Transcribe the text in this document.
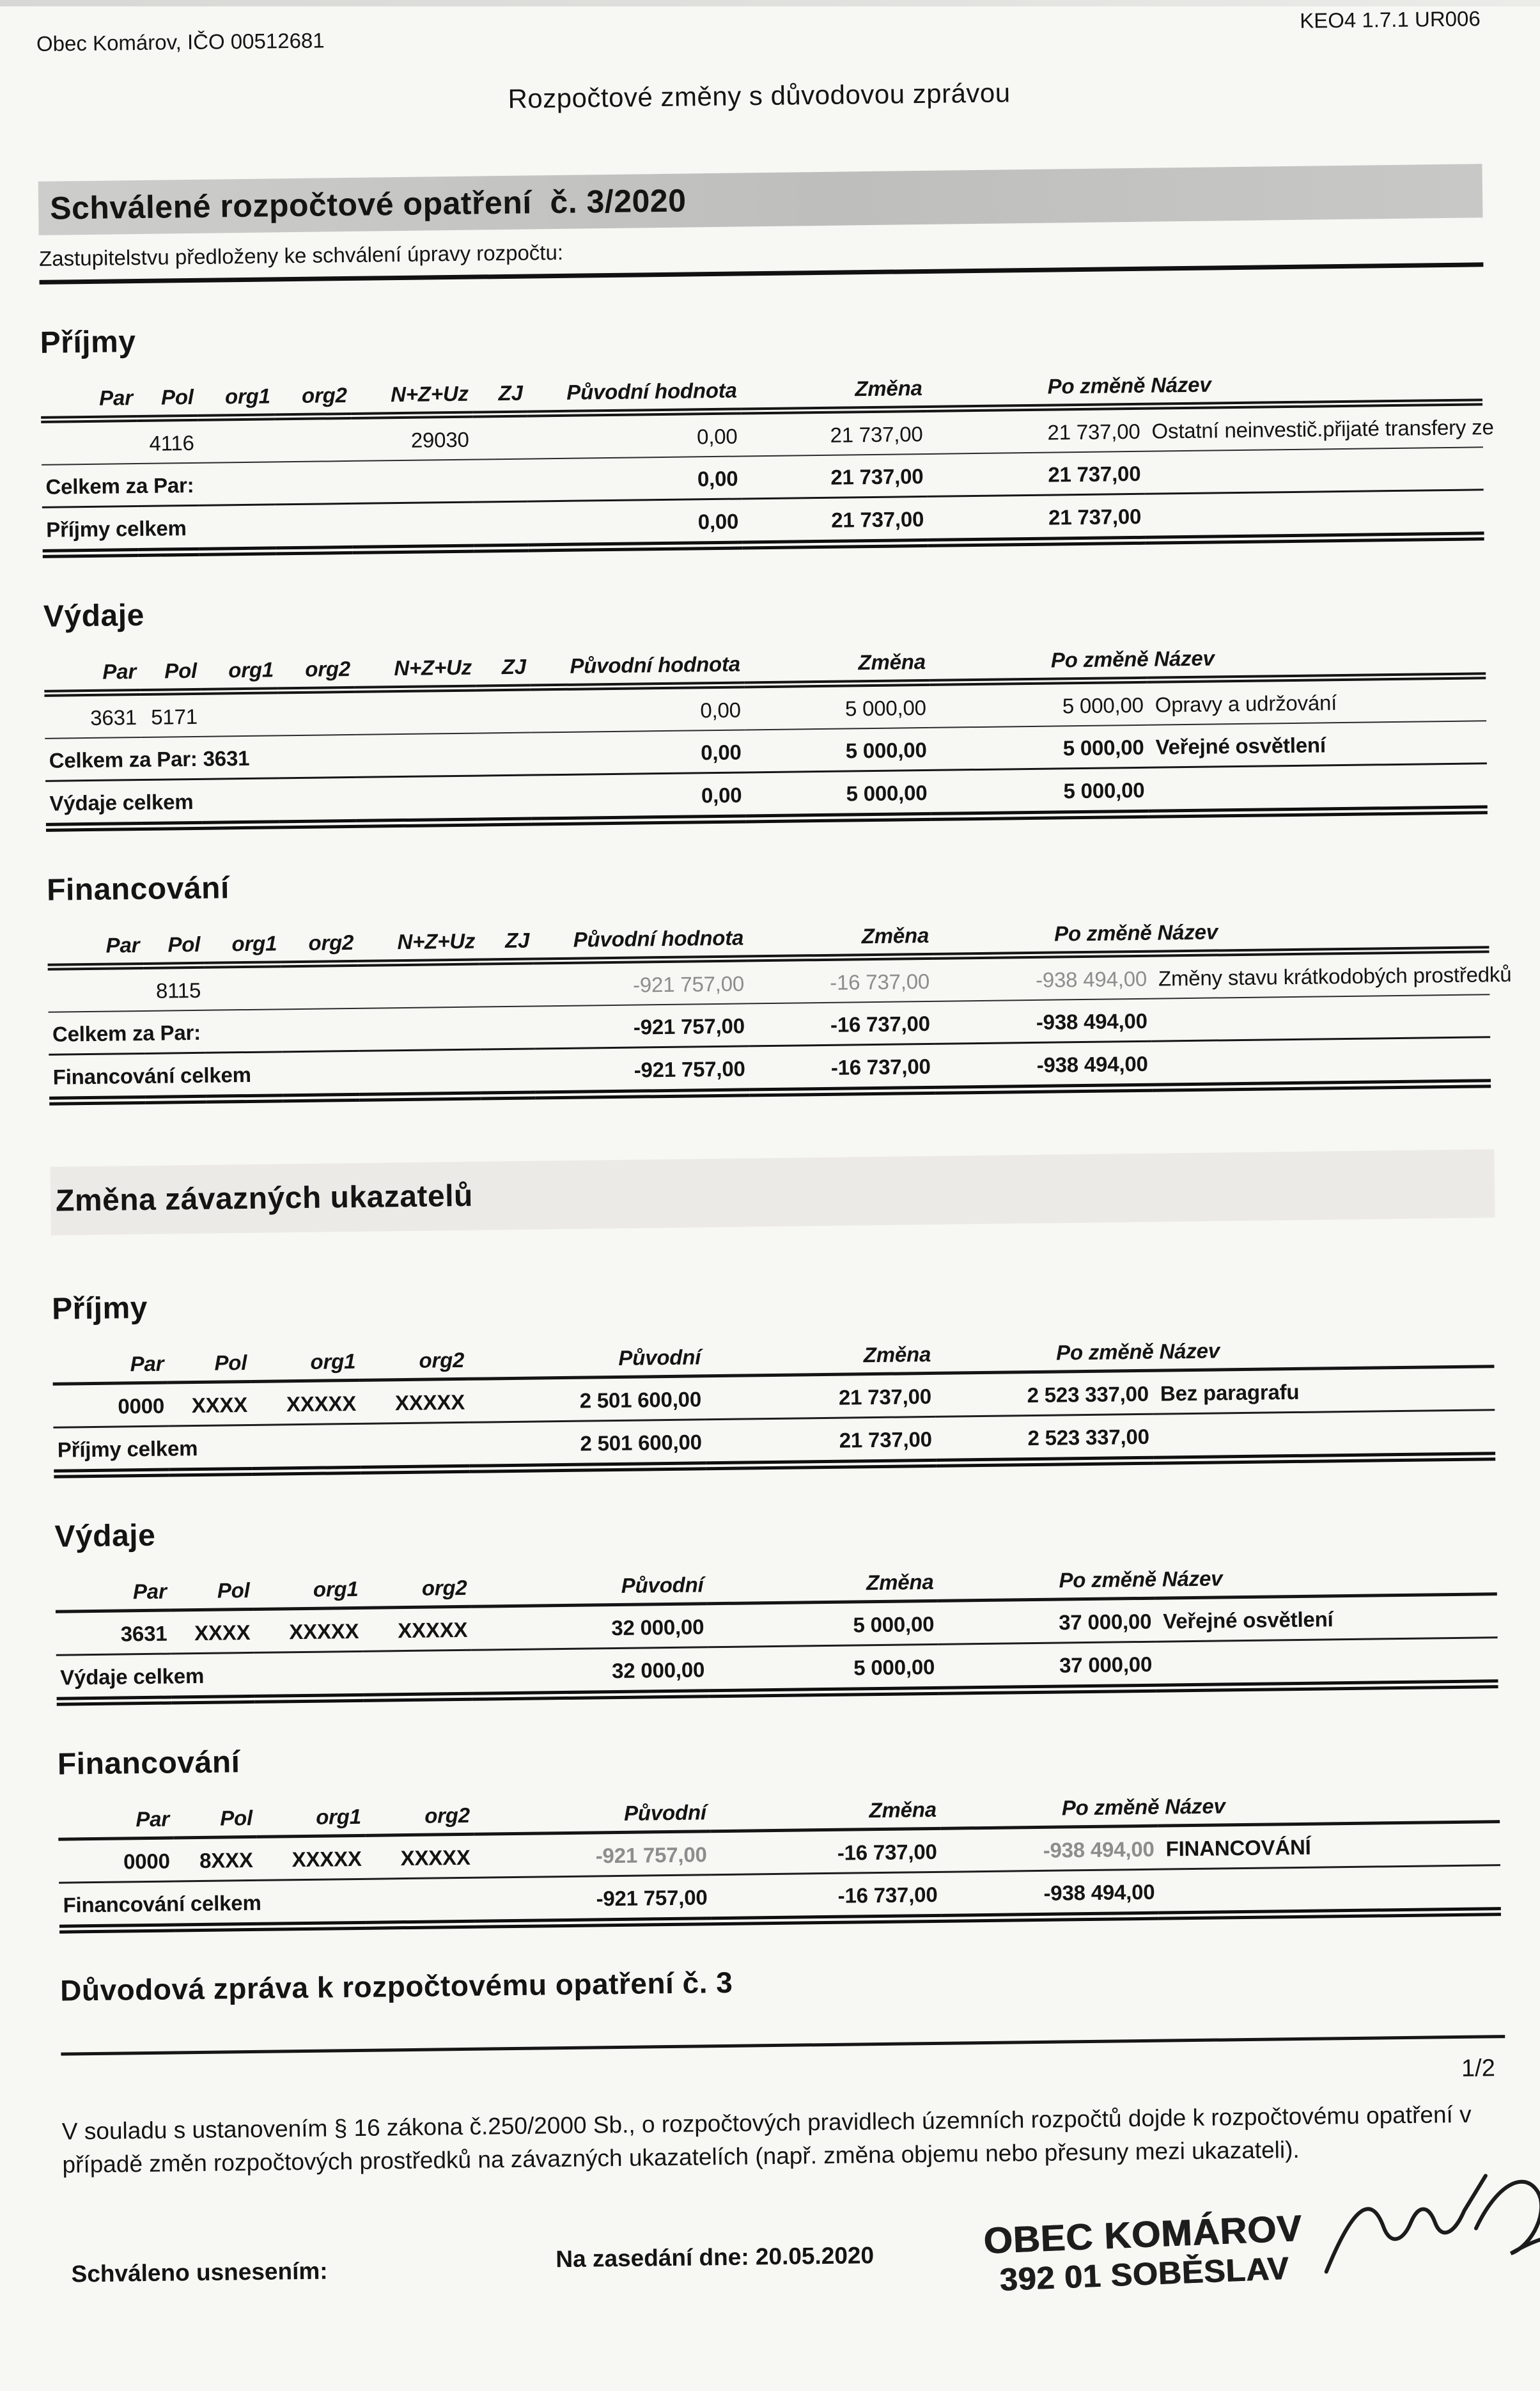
Obec Komárov, IČO 00512681
KEO4 1.7.1 UR006
Rozpočtové změny s důvodovou zprávou
Schválené rozpočtové opatření  č. 3/2020
Zastupitelstvu předloženy ke schválení úpravy rozpočtu:
Příjmy
Par	Pol	org1	org2	N+Z+Uz	ZJ	Původní hodnota	Změna	Po změně Název	
	4116			29030		0,00	21 737,00	21 737,00	Ostatní neinvestič.přijaté transfery ze
Celkem za Par:						0,00	21 737,00	21 737,00	
Příjmy celkem						0,00	21 737,00	21 737,00	
Výdaje
Par	Pol	org1	org2	N+Z+Uz	ZJ	Původní hodnota	Změna	Po změně Název	
3631	5171					0,00	5 000,00	5 000,00	Opravy a udržování
Celkem za Par: 3631						0,00	5 000,00	5 000,00	Veřejné osvětlení
Výdaje celkem						0,00	5 000,00	5 000,00	
Financování
Par	Pol	org1	org2	N+Z+Uz	ZJ	Původní hodnota	Změna	Po změně Název	
	8115					-921 757,00	-16 737,00	-938 494,00	Změny stavu krátkodobých prostředků
Celkem za Par:						-921 757,00	-16 737,00	-938 494,00	
Financování celkem						-921 757,00	-16 737,00	-938 494,00	
Změna závazných ukazatelů
Příjmy
Par	Pol	org1	org2	Původní	Změna	Po změně Název	
0000	XXXX	XXXXX	XXXXX	2 501 600,00	21 737,00	2 523 337,00	Bez paragrafu
Příjmy celkem				2 501 600,00	21 737,00	2 523 337,00	
Výdaje
Par	Pol	org1	org2	Původní	Změna	Po změně Název	
3631	XXXX	XXXXX	XXXXX	32 000,00	5 000,00	37 000,00	Veřejné osvětlení
Výdaje celkem				32 000,00	5 000,00	37 000,00	
Financování
Par	Pol	org1	org2	Původní	Změna	Po změně Název	
0000	8XXX	XXXXX	XXXXX	-921 757,00	-16 737,00	-938 494,00	FINANCOVÁNÍ
Financování celkem				-921 757,00	-16 737,00	-938 494,00	
Důvodová zpráva k rozpočtovému opatření č. 3
V souladu s ustanovením § 16 zákona č.250/2000 Sb., o rozpočtových pravidlech územních rozpočtů dojde k rozpočtovému opatření v případě změn rozpočtových prostředků na závazných ukazatelích (např. změna objemu nebo přesuny mezi ukazateli).
Schváleno usnesením:
Na zasedání dne: 20.05.2020	OBEC KOMÁROV
392 01 SOBĚSLAV
1/2
